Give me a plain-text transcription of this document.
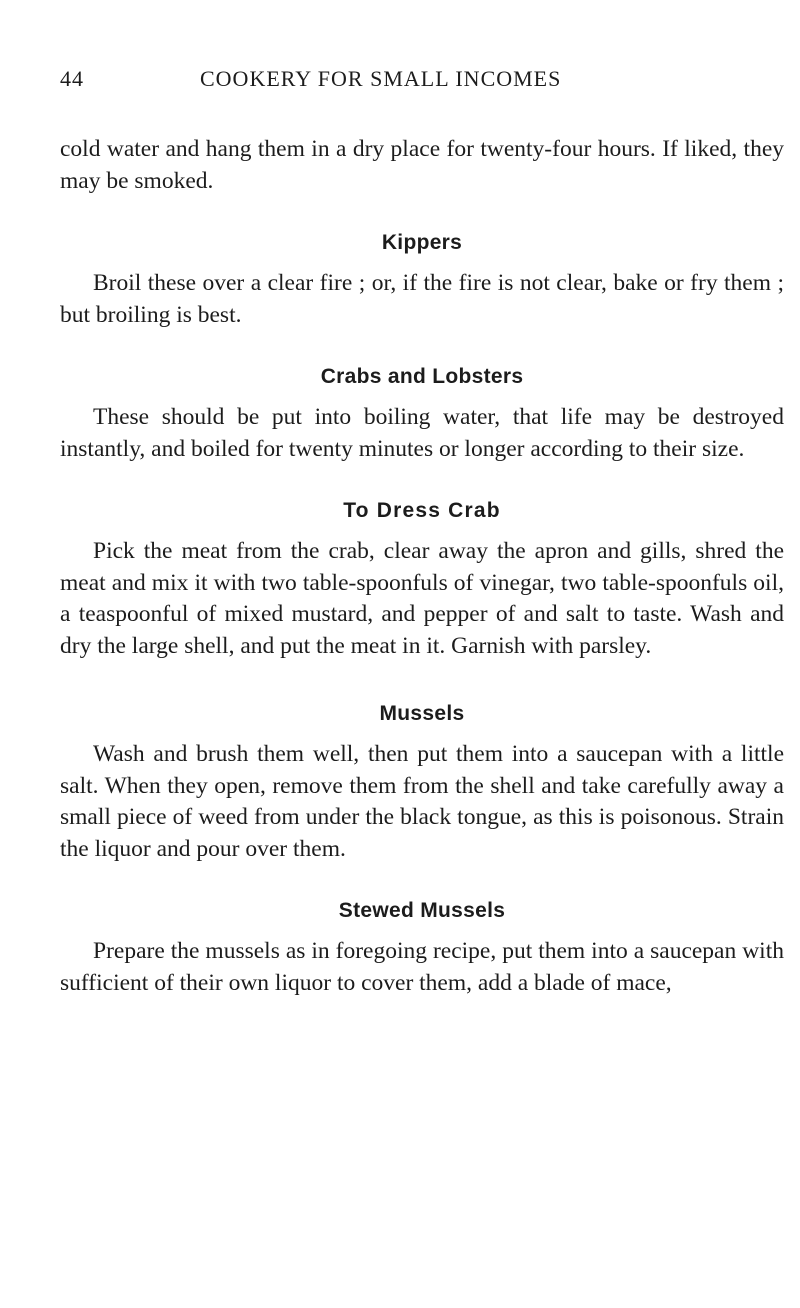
44	COOKERY FOR SMALL INCOMES

cold water and hang them in a dry place for twenty-four hours. If liked, they may be smoked.

Kippers

Broil these over a clear fire ; or, if the fire is not clear, bake or fry them ; but broiling is best.

Crabs and Lobsters

These should be put into boiling water, that life may be destroyed instantly, and boiled for twenty minutes or longer according to their size.

To Dress Crab

Pick the meat from the crab, clear away the apron and gills, shred the meat and mix it with two table-spoonfuls of vinegar, two table-spoonfuls oil, a teaspoonful of mixed mustard, and pepper of and salt to taste. Wash and dry the large shell, and put the meat in it. Garnish with parsley.

Mussels

Wash and brush them well, then put them into a saucepan with a little salt. When they open, remove them from the shell and take carefully away a small piece of weed from under the black tongue, as this is poisonous. Strain the liquor and pour over them.

Stewed Mussels

Prepare the mussels as in foregoing recipe, put them into a saucepan with sufficient of their own liquor to cover them, add a blade of mace,
